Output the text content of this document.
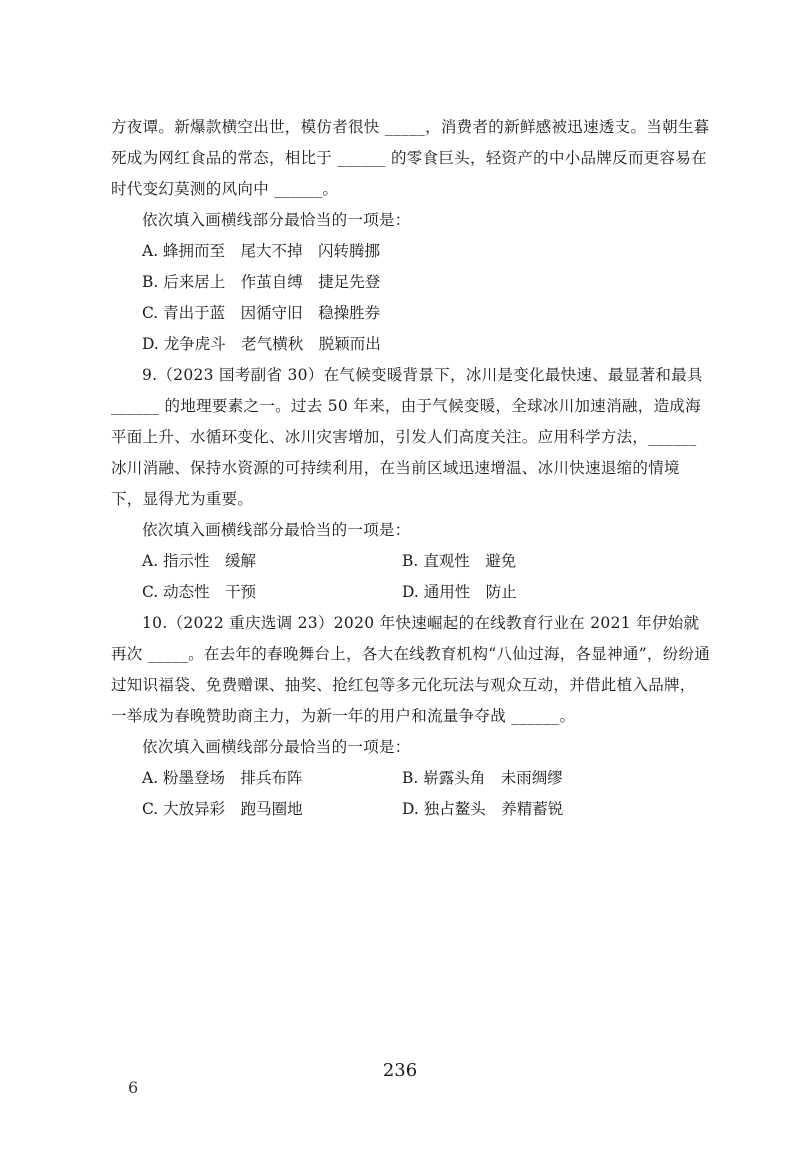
方夜谭。新爆款横空出世，模仿者很快 _____，消费者的新鲜感被迅速透支。当朝生暮死成为网红食品的常态，相比于 ______ 的零食巨头，轻资产的中小品牌反而更容易在时代变幻莫测的风向中 ______。

依次填入画横线部分最恰当的一项是：

A. 蜂拥而至　尾大不掉　闪转腾挪
B. 后来居上　作茧自缚　捷足先登
C. 青出于蓝　因循守旧　稳操胜券
D. 龙争虎斗　老气横秋　脱颖而出

9.（2023 国考副省 30）在气候变暖背景下，冰川是变化最快速、最显著和最具 ______ 的地理要素之一。过去 50 年来，由于气候变暖，全球冰川加速消融，造成海平面上升、水循环变化、冰川灾害增加，引发人们高度关注。应用科学方法，______ 冰川消融、保持水资源的可持续利用，在当前区域迅速增温、冰川快速退缩的情境下，显得尤为重要。

依次填入画横线部分最恰当的一项是：

A. 指示性　缓解	B. 直观性　避免
C. 动态性　干预	D. 通用性　防止

10.（2022 重庆选调 23）2020 年快速崛起的在线教育行业在 2021 年伊始就再次 _____。在去年的春晚舞台上，各大在线教育机构“八仙过海，各显神通”，纷纷通过知识福袋、免费赠课、抽奖、抢红包等多元化玩法与观众互动，并借此植入品牌，一举成为春晚赞助商主力，为新一年的用户和流量争夺战 ______。

依次填入画横线部分最恰当的一项是：

A. 粉墨登场　排兵布阵	B. 崭露头角　未雨绸缪
C. 大放异彩　跑马圈地	D. 独占鳌头　养精蓄锐
236
6
